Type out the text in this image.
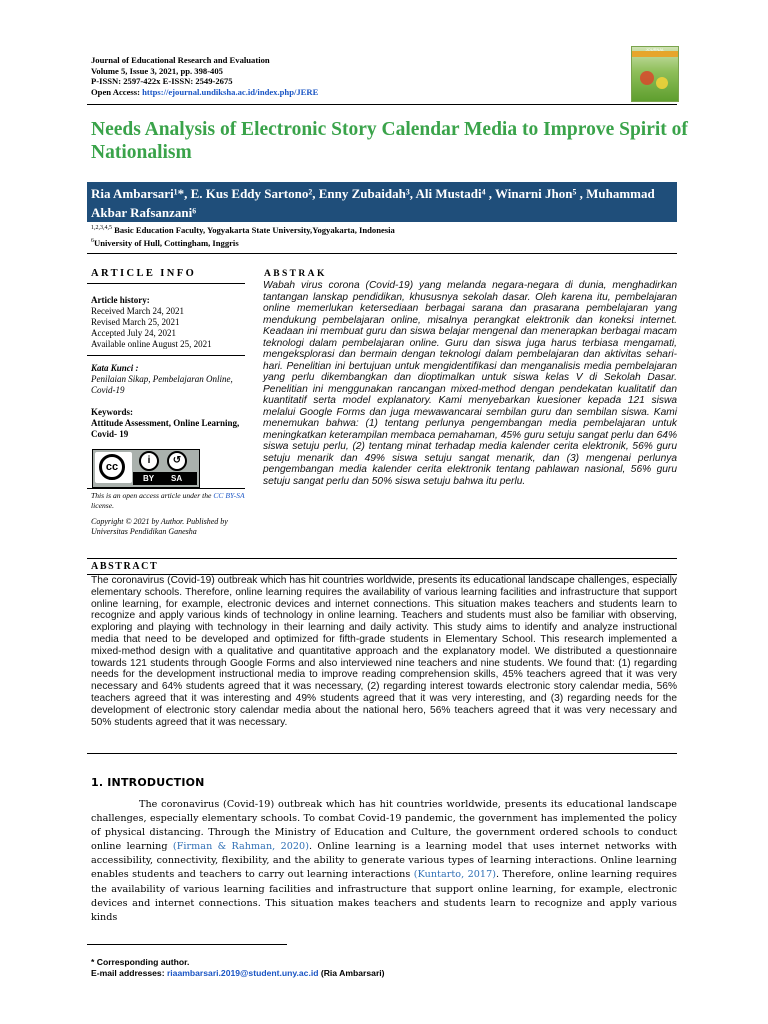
Journal of Educational Research and Evaluation
Volume 5, Issue 3, 2021, pp. 398-405
P-ISSN: 2597-422x E-ISSN: 2549-2675
Open Access: https://ejournal.undiksha.ac.id/index.php/JERE
JOURNAL
Needs Analysis of Electronic Story Calendar Media to Improve Spirit of Nationalism
Ria Ambarsari¹*, E. Kus Eddy Sartono², Enny Zubaidah³, Ali Mustadi⁴ , Winarni Jhon⁵ , Muhammad Akbar Rafsanzani⁶
$^{1,2,3,4,5}$ Basic Education Faculty, Yogyakarta State University,Yogyakarta, Indonesia
$^6$University of Hull, Cottingham, Inggris
ARTICLE INFO
Article history:
Received March 24, 2021
Revised March 25, 2021
Accepted July 24, 2021
Available online August 25, 2021
Kata Kunci :
Penilaian Sikap, Pembelajaran Online, Covid-19
Keywords:
Attitude Assessment, Online Learning, Covid- 19
cc
i	↺
BY SA
This is an open access article under the CC BY-SA license.
Copyright © 2021 by Author. Published by Universitas Pendidikan Ganesha
ABSTRAK
Wabah virus corona (Covid-19) yang melanda negara-negara di dunia, menghadirkan tantangan lanskap pendidikan, khususnya sekolah dasar. Oleh karena itu, pembelajaran online memerlukan ketersediaan berbagai sarana dan prasarana pembelajaran yang mendukung pembelajaran online, misalnya perangkat elektronik dan koneksi internet. Keadaan ini membuat guru dan siswa belajar mengenal dan menerapkan berbagai macam teknologi dalam pembelajaran online. Guru dan siswa juga harus terbiasa mengamati, mengeksplorasi dan bermain dengan teknologi dalam pembelajaran dan aktivitas sehari-hari. Penelitian ini bertujuan untuk mengidentifikasi dan menganalisis media pembelajaran yang perlu dikembangkan dan dioptimalkan untuk siswa kelas V di Sekolah Dasar. Penelitian ini menggunakan rancangan mixed-method dengan pendekatan kualitatif dan kuantitatif serta model explanatory. Kami menyebarkan kuesioner kepada 121 siswa melalui Google Forms dan juga mewawancarai sembilan guru dan sembilan siswa. Kami menemukan bahwa: (1) tentang perlunya pengembangan media pembelajaran untuk meningkatkan keterampilan membaca pemahaman, 45% guru setuju sangat perlu dan 64% siswa setuju perlu, (2) tentang minat terhadap media kalender cerita elektronik, 56% guru setuju menarik dan 49% siswa setuju sangat menarik, dan (3) mengenai perlunya pengembangan media kalender cerita elektronik tentang pahlawan nasional, 56% guru setuju sangat perlu dan 50% siswa setuju bahwa itu perlu.
ABSTRACT
The coronavirus (Covid-19) outbreak which has hit countries worldwide, presents its educational landscape challenges, especially elementary schools. Therefore, online learning requires the availability of various learning facilities and infrastructure that support online learning, for example, electronic devices and internet connections. This situation makes teachers and students learn to recognize and apply various kinds of technology in online learning. Teachers and students must also be familiar with observing, exploring and playing with technology in their learning and daily activity. This study aims to identify and analyze instructional media that need to be developed and optimized for fifth-grade students in Elementary School. This research implemented a mixed-method design with a qualitative and quantitative approach and the explanatory model. We distributed a questionnaire towards 121 students through Google Forms and also interviewed nine teachers and nine students. We found that: (1) regarding needs for the development instructional media to improve reading comprehension skills, 45% teachers agreed that it was very necessary and 64% students agreed that it was necessary, (2) regarding interest towards electronic story calendar media, 56% teachers agreed that it was interesting and 49% students agreed that it was very interesting, and (3) regarding needs for the development of electronic story calendar media about the national hero, 56% teachers agreed that it was very necessary and 50% students agreed that it was necessary.
1. INTRODUCTION
The coronavirus (Covid-19) outbreak which has hit countries worldwide, presents its educational landscape challenges, especially elementary schools. To combat Covid-19 pandemic, the government has implemented the policy of physical distancing. Through the Ministry of Education and Culture, the government ordered schools to conduct online learning (Firman & Rahman, 2020). Online learning is a learning model that uses internet networks with accessibility, connectivity, flexibility, and the ability to generate various types of learning interactions. Online learning enables students and teachers to carry out learning interactions (Kuntarto, 2017). Therefore, online learning requires the availability of various learning facilities and infrastructure that support online learning, for example, electronic devices and internet connections. This situation makes teachers and students learn to recognize and apply various kinds
* Corresponding author.
E-mail addresses: riaambarsari.2019@student.uny.ac.id (Ria Ambarsari)
